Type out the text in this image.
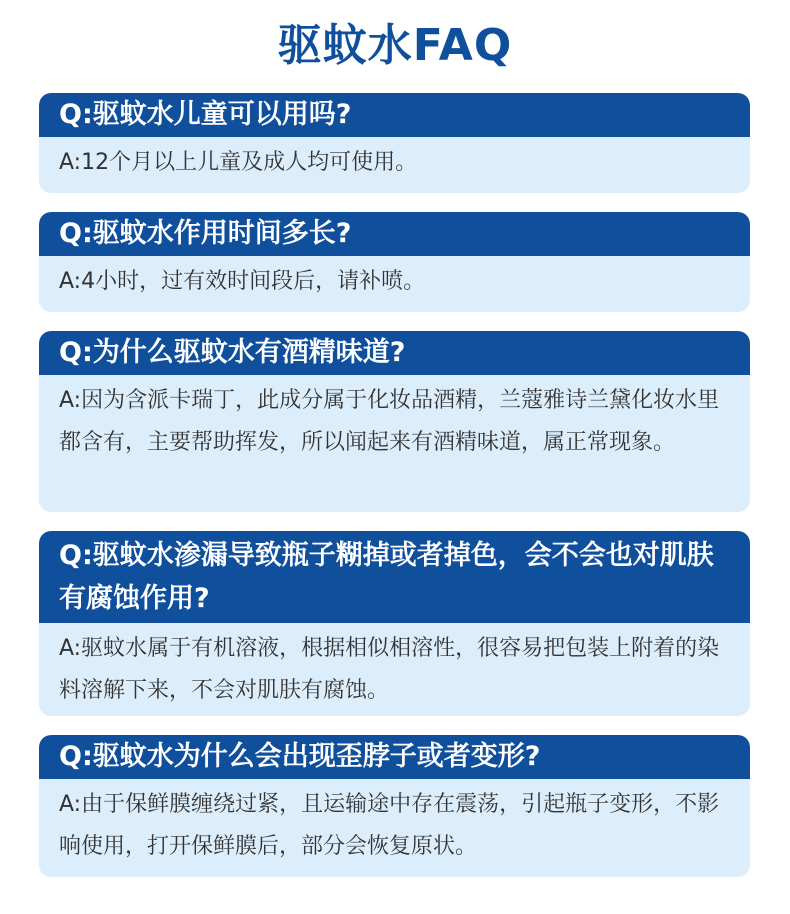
驱蚊水FAQ
Q:驱蚊水儿童可以用吗?
A:12个月以上儿童及成人均可使用。
Q:驱蚊水作用时间多长?
A:4小时，过有效时间段后，请补喷。
Q:为什么驱蚊水有酒精味道?
A:因为含派卡瑞丁，此成分属于化妆品酒精，兰蔻雅诗兰黛化妆水里都含有，主要帮助挥发，所以闻起来有酒精味道，属正常现象。
Q:驱蚊水渗漏导致瓶子糊掉或者掉色，会不会也对肌肤有腐蚀作用?
A:驱蚊水属于有机溶液，根据相似相溶性，很容易把包装上附着的染料溶解下来，不会对肌肤有腐蚀。
Q:驱蚊水为什么会出现歪脖子或者变形?
A:由于保鲜膜缠绕过紧，且运输途中存在震荡，引起瓶子变形，不影响使用，打开保鲜膜后，部分会恢复原状。
